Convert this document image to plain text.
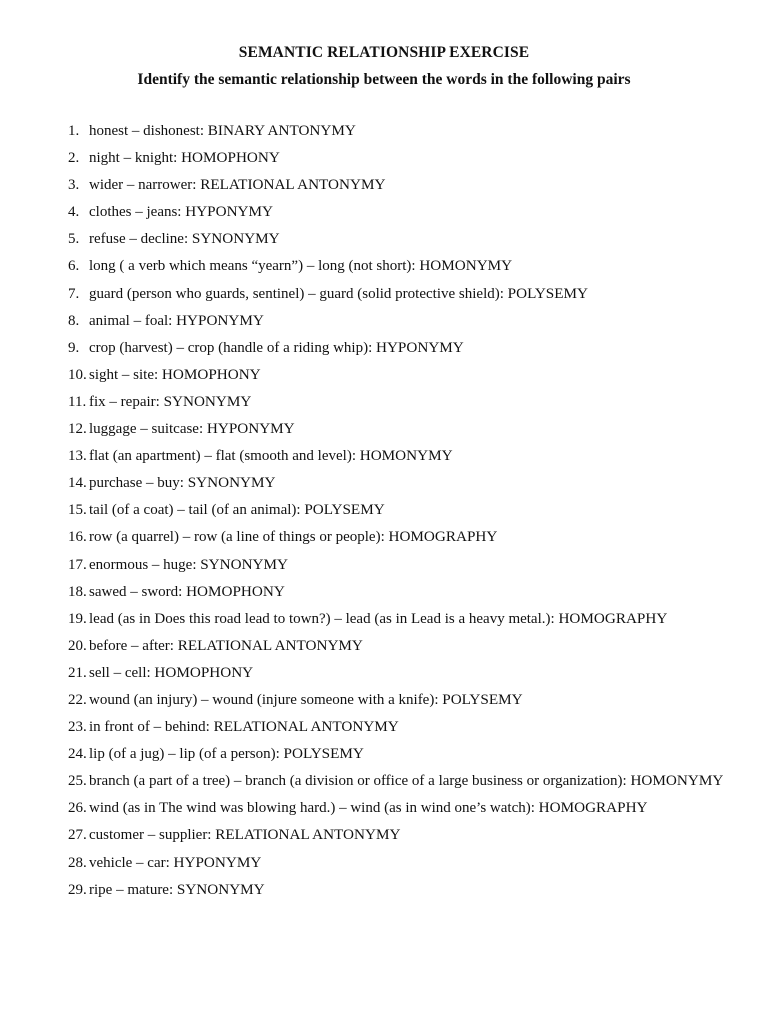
SEMANTIC RELATIONSHIP EXERCISE
Identify the semantic relationship between the words in the following pairs
1. honest – dishonest: BINARY ANTONYMY
2. night – knight: HOMOPHONY
3. wider – narrower: RELATIONAL ANTONYMY
4. clothes – jeans: HYPONYMY
5. refuse – decline: SYNONYMY
6. long ( a verb which means “yearn”) – long (not short): HOMONYMY
7. guard (person who guards, sentinel) – guard (solid protective shield): POLYSEMY
8. animal – foal: HYPONYMY
9. crop (harvest) – crop (handle of a riding whip): HYPONYMY
10. sight – site: HOMOPHONY
11. fix – repair: SYNONYMY
12. luggage – suitcase: HYPONYMY
13. flat (an apartment) – flat (smooth and level): HOMONYMY
14. purchase – buy: SYNONYMY
15. tail (of a coat) – tail (of an animal): POLYSEMY
16. row (a quarrel) – row (a line of things or people): HOMOGRAPHY
17. enormous – huge: SYNONYMY
18. sawed – sword: HOMOPHONY
19. lead (as in Does this road lead to town?) – lead (as in Lead is a heavy metal.): HOMOGRAPHY
20. before – after: RELATIONAL ANTONYMY
21. sell – cell: HOMOPHONY
22. wound (an injury) – wound (injure someone with a knife): POLYSEMY
23. in front of – behind: RELATIONAL ANTONYMY
24. lip (of a jug) – lip (of a person): POLYSEMY
25. branch (a part of a tree) – branch (a division or office of a large business or organization): HOMONYMY
26. wind (as in The wind was blowing hard.) – wind (as in wind one’s watch): HOMOGRAPHY
27. customer – supplier: RELATIONAL ANTONYMY
28. vehicle – car: HYPONYMY
29. ripe – mature: SYNONYMY
